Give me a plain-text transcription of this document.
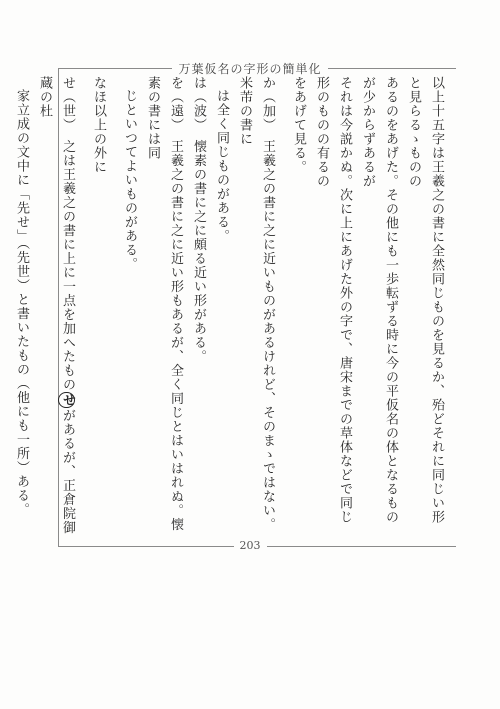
万葉仮名の字形の簡単化
以上十五字は王羲之の書に全然同じものを見るか、殆どそれに同じい形と見らるゝものの
あるのをあげた。その他にも一歩転ずる時に今の平仮名の体となるものが少からずあるが
それは今説かぬ。次に上にあげた外の字で、唐宋までの草体などで同じ形のものの有るの
をあげて見る。
か（加）　王羲之の書に之に近いものがあるけれど、そのまゝではない。米芾の書に
は全く同じものがある。
は（波）　懐素の書に之に頗る近い形がある。
を（遠）　王羲之の書に之に近い形もあるが、全く同じとはいはれぬ。懐素の書には同
じといつてよいものがある。
なほ以上の外に
せ（世）　之は王羲之の書に上に一点を加へたものせがあるが、正倉院御蔵の杜
家立成の文中に「先せ」（先世）と書いたもの（他にも一所）ある。
203
